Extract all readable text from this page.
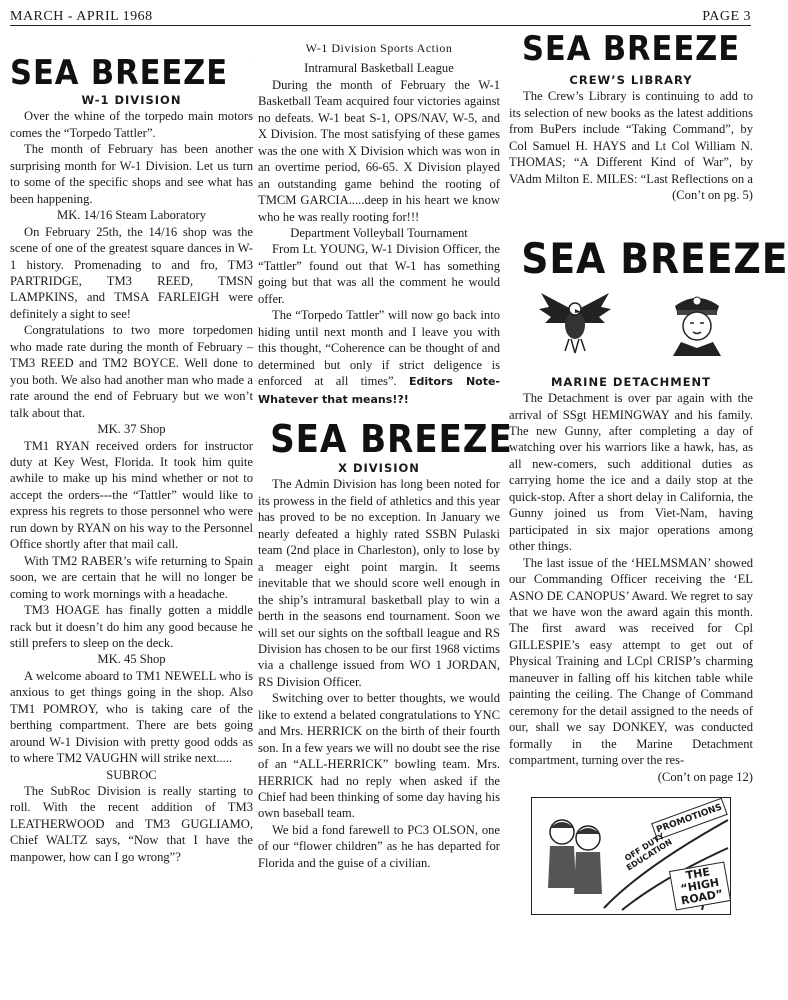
MARCH - APRIL 1968	PAGE 3
SEA BREEZE
W-1 DIVISION

Over the whine of the torpedo main motors comes the “Torpedo Tattler”.

The month of February has been another surprising month for W-1 Division. Let us turn to some of the specific shops and see what has been happening.

MK. 14/16 Steam Laboratory

On February 25th, the 14/16 shop was the scene of one of the greatest square dances in W-1 history. Promenading to and fro, TM3 PARTRIDGE, TM3 REED, TMSN LAMPKINS, and TMSA FARLEIGH were definitely a sight to see!

Congratulations to two more torpedomen who made rate during the month of February – TM3 REED and TM2 BOYCE. Well done to you both. We also had another man who made a rate around the end of February but we won’t talk about that.

MK. 37 Shop

TM1 RYAN received orders for instructor duty at Key West, Florida. It took him quite awhile to make up his mind whether or not to accept the orders---the “Tattler” would like to express his regrets to those personnel who were run down by RYAN on his way to the Personnel Office shortly after that mail call.

With TM2 RABER’s wife returning to Spain soon, we are certain that he will no longer be coming to work mornings with a headache.

TM3 HOAGE has finally gotten a middle rack but it doesn’t do him any good because he still prefers to sleep on the deck.

MK. 45 Shop

A welcome aboard to TM1 NEWELL who is anxious to get things going in the shop. Also TM1 POMROY, who is taking care of the berthing compartment. There are bets going around W-1 Division with pretty good odds as to where TM2 VAUGHN will strike next.....

SUBROC

The SubRoc Division is really starting to roll. With the recent addition of TM3 LEATHERWOOD and TM3 GUGLIAMO, Chief WALTZ says, “Now that I have the manpower, how can I go wrong”?

W-1 Division Sports Action
Intramural Basketball League

During the month of February the W-1 Basketball Team acquired four victories against no defeats. W-1 beat S-1, OPS/NAV, W-5, and X Division. The most satisfying of these games was the one with X Division which was won in an overtime period, 66-65. X Division played an outstanding game behind the rooting of TMCM GARCIA.....deep in his heart we know who he was really rooting for!!!

Department Volleyball Tournament

From Lt. YOUNG, W-1 Division Officer, the “Tattler” found out that W-1 has something going but that was all the comment he would offer.

The “Torpedo Tattler” will now go back into hiding until next month and I leave you with this thought, “Coherence can be thought of and determined but only if strict deligence is enforced at all times”. Editors Note- Whatever that means!?!

SEA BREEZE
X DIVISION

The Admin Division has long been noted for its prowess in the field of athletics and this year has proved to be no exception. In January we nearly defeated a highly rated SSBN Pulaski team (2nd place in Charleston), only to lose by a meager eight point margin. It seems inevitable that we should score well enough in the ship’s intramural basketball play to win a berth in the seasons end tournament. Soon we will set our sights on the softball league and RS Division has chosen to be our first 1968 victims via a challenge issued from WO 1 JORDAN, RS Division Officer.

Switching over to better thoughts, we would like to extend a belated congratulations to YNC and Mrs. HERRICK on the birth of their fourth son. In a few years we will no doubt see the rise of an “ALL-HERRICK” bowling team. Mrs. HERRICK had no reply when asked if the Chief had been thinking of some day having his own baseball team.

We bid a fond farewell to PC3 OLSON, one of our “flower children” as he has departed for Florida and the guise of a civilian.

SEA BREEZE
CREW’S LIBRARY

The Crew’s Library is continuing to add to its selection of new books as the latest additions from BuPers include “Taking Command”, by Col Samuel H. HAYS and Lt Col William N. THOMAS; “A Different Kind of War”, by VAdm Milton E. MILES: “Last Reflections on a

(Con’t on pg. 5)
SEA BREEZE
MARINE DETACHMENT

The Detachment is over par again with the arrival of SSgt HEMINGWAY and his family. The new Gunny, after completing a day of watching over his warriors like a hawk, has, as all new-comers, such additional duties as carrying home the ice and a daily stop at the quick-stop. After a short delay in California, the Gunny joined us from Viet-Nam, having participated in six major operations among other things.

The last issue of the ‘HELMSMAN’ showed our Commanding Officer receiving the ‘EL ASNO DE CANOPUS’ Award. We regret to say that we have won the award again this month. The first award was received for Cpl GILLESPIE’s easy attempt to get out of Physical Training and LCpl CRISP’s charming maneuver in falling off his kitchen table while painting the ceiling. The Change of Command ceremony for the detail assigned to the needs of our, shall we say DONKEY, was conducted formally in the Marine Detachment compartment, turning over the res-

(Con’t on page 12)
PROMOTIONS
OFF DUTY EDUCATION
THE “HIGH ROAD”
